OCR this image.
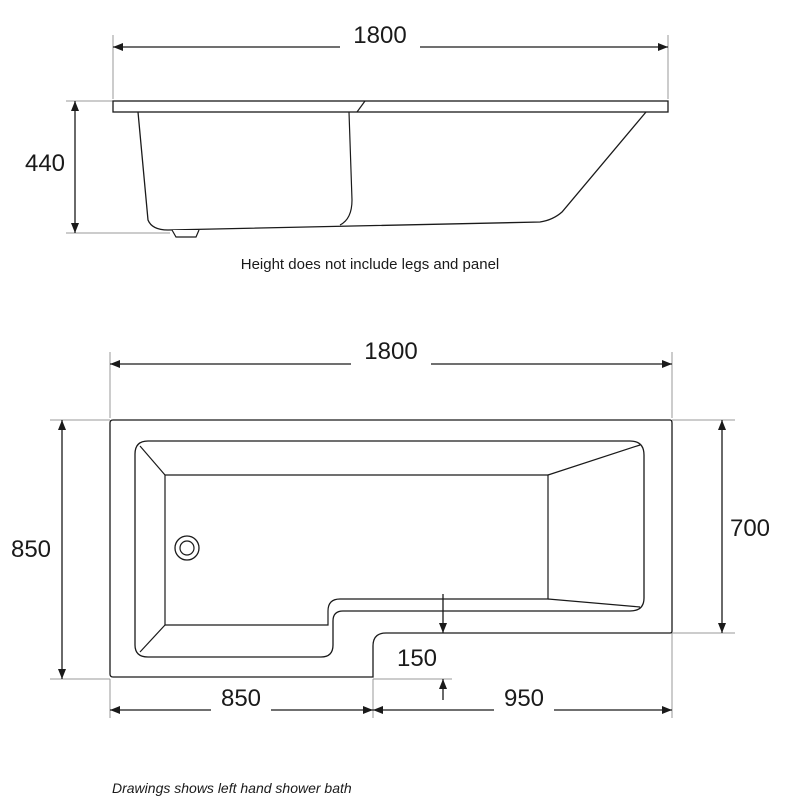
1800
440
Height does not include legs and panel
1800
850
700
150
850	950
Drawings shows left hand shower bath
